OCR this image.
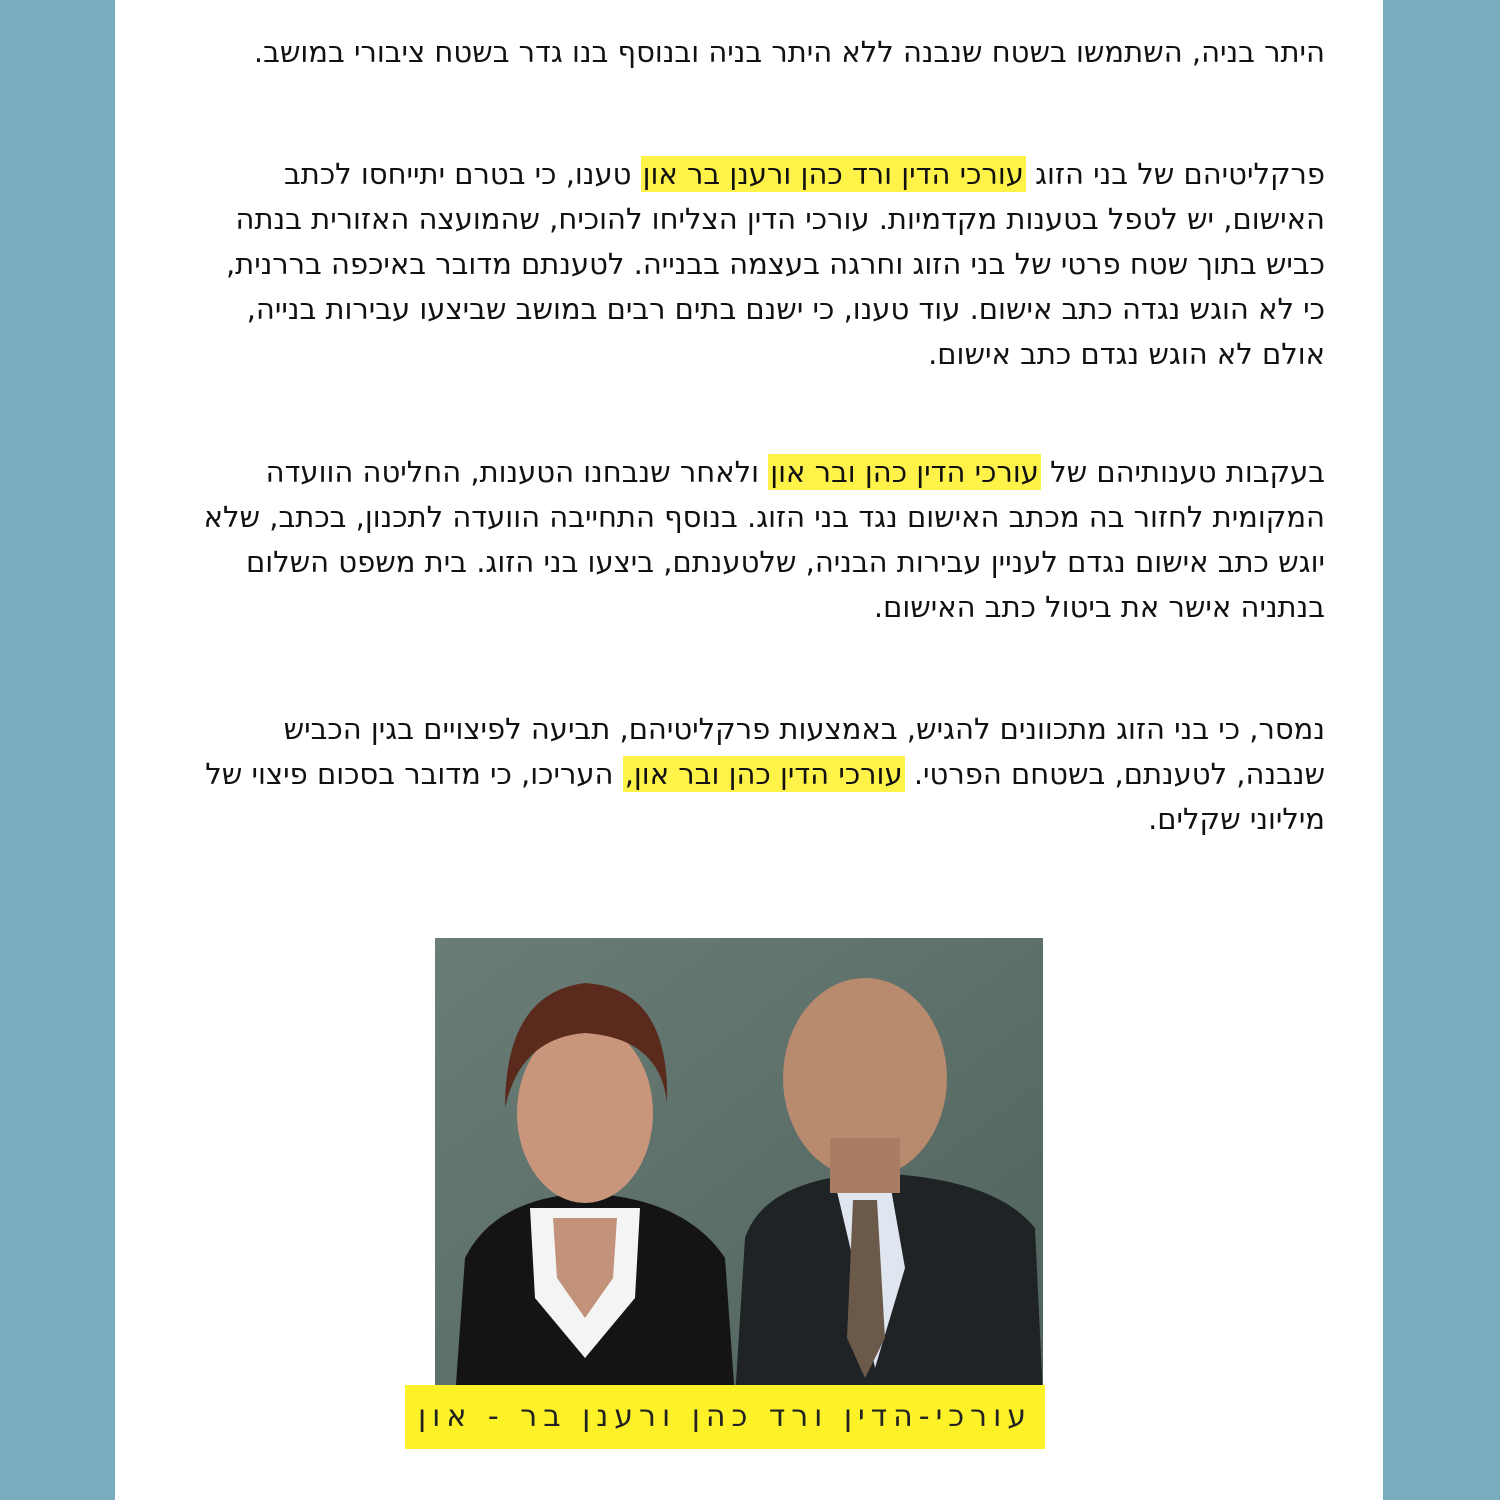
היתר בניה, השתמשו בשטח שנבנה ללא היתר בניה ובנוסף בנו גדר בשטח ציבורי במושב.

פרקליטיהם של בני הזוג עורכי הדין ורד כהן ורענן בר און טענו, כי בטרם יתייחסו לכתב האישום, יש לטפל בטענות מקדמיות. עורכי הדין הצליחו להוכיח, שהמועצה האזורית בנתה כביש בתוך שטח פרטי של בני הזוג וחרגה בעצמה בבנייה. לטענתם מדובר באיכפה בררנית, כי לא הוגש נגדה כתב אישום. עוד טענו, כי ישנם בתים רבים במושב שביצעו עבירות בנייה, אולם לא הוגש נגדם כתב אישום.

בעקבות טענותיהם של עורכי הדין כהן ובר און ולאחר שנבחנו הטענות, החליטה הוועדה המקומית לחזור בה מכתב האישום נגד בני הזוג. בנוסף התחייבה הוועדה לתכנון, בכתב, שלא יוגש כתב אישום נגדם לעניין עבירות הבניה, שלטענתם, ביצעו בני הזוג. בית משפט השלום בנתניה אישר את ביטול כתב האישום.

נמסר, כי בני הזוג מתכוונים להגיש, באמצעות פרקליטיהם, תביעה לפיצויים בגין הכביש שנבנה, לטענתם, בשטחם הפרטי. עורכי הדין כהן ובר און, העריכו, כי מדובר בסכום פיצוי של מיליוני שקלים.

עורכי-הדין ורד כהן ורענן בר - און
